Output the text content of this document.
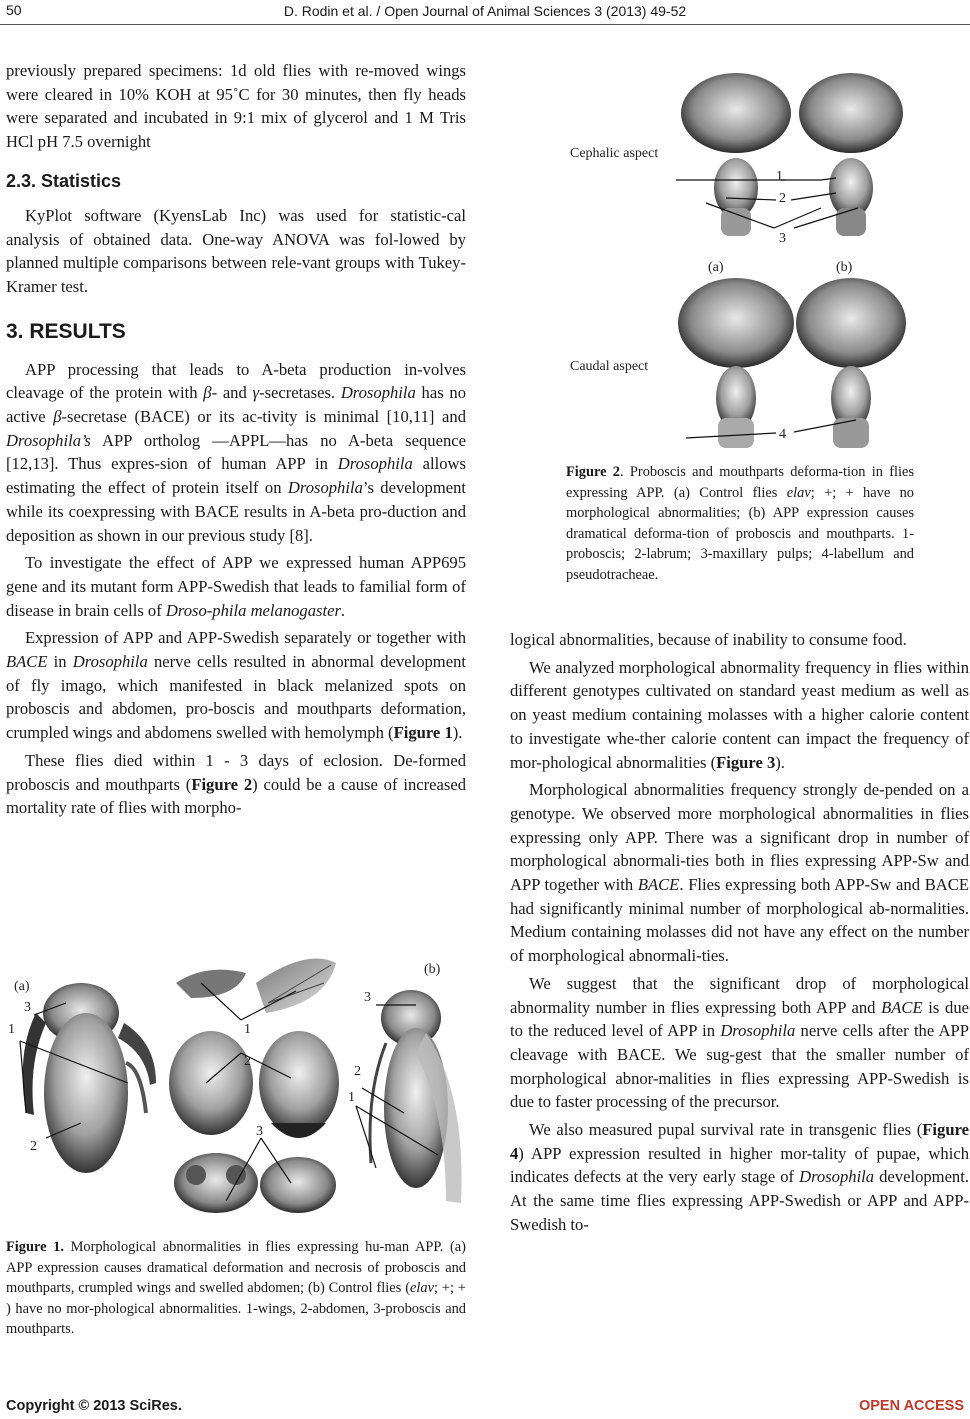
50	D. Rodin et al. / Open Journal of Animal Sciences 3 (2013) 49-52

previously prepared specimens: 1d old flies with re-moved wings were cleared in 10% KOH at 95˚C for 30 minutes, then fly heads were separated and incubated in 9:1 mix of glycerol and 1 M Tris HCl pH 7.5 overnight

2.3. Statistics

KyPlot software (KyensLab Inc) was used for statistic-cal analysis of obtained data. One-way ANOVA was fol-lowed by planned multiple comparisons between rele-vant groups with Tukey-Kramer test.

3. RESULTS

APP processing that leads to A-beta production in-volves cleavage of the protein with β- and γ-secretases. Drosophila has no active β-secretase (BACE) or its ac-tivity is minimal [10,11] and Drosophila’s APP ortholog —APPL—has no A-beta sequence [12,13]. Thus expres-sion of human APP in Drosophila allows estimating the effect of protein itself on Drosophila’s development while its coexpressing with BACE results in A-beta pro-duction and deposition as shown in our previous study [8].

To investigate the effect of APP we expressed human APP695 gene and its mutant form APP-Swedish that leads to familial form of disease in brain cells of Droso-phila melanogaster.

Expression of APP and APP-Swedish separately or together with BACE in Drosophila nerve cells resulted in abnormal development of fly imago, which manifested in black melanized spots on proboscis and abdomen, pro-boscis and mouthparts deformation, crumpled wings and abdomens swelled with hemolymph (Figure 1).

These flies died within 1 - 3 days of eclosion. De-formed proboscis and mouthparts (Figure 2) could be a cause of increased mortality rate of flies with morpho-

(a)
(b)
3
1
2
1
2
3
3
2
1
Figure 1. Morphological abnormalities in flies expressing hu-man APP. (a) APP expression causes dramatical deformation and necrosis of proboscis and mouthparts, crumpled wings and swelled abdomen; (b) Control flies (elav; +; + ) have no mor-phological abnormalities. 1-wings, 2-abdomen, 3-proboscis and mouthparts.
Cephalic aspect
Caudal aspect
(a)	(b)
1
2
3
4
Figure 2. Proboscis and mouthparts deforma-tion in flies expressing APP. (a) Control flies elav; +; + have no morphological abnormalities; (b) APP expression causes dramatical deforma-tion of proboscis and mouthparts. 1-proboscis; 2-labrum; 3-maxillary pulps; 4-labellum and pseudotracheae.

logical abnormalities, because of inability to consume food.

We analyzed morphological abnormality frequency in flies within different genotypes cultivated on standard yeast medium as well as on yeast medium containing molasses with a higher calorie content to investigate whe-ther calorie content can impact the frequency of mor-phological abnormalities (Figure 3).

Morphological abnormalities frequency strongly de-pended on a genotype. We observed more morphological abnormalities in flies expressing only APP. There was a significant drop in number of morphological abnormali-ties both in flies expressing APP-Sw and APP together with BACE. Flies expressing both APP-Sw and BACE had significantly minimal number of morphological ab-normalities. Medium containing molasses did not have any effect on the number of morphological abnormali-ties.

We suggest that the significant drop of morphological abnormality number in flies expressing both APP and BACE is due to the reduced level of APP in Drosophila nerve cells after the APP cleavage with BACE. We sug-gest that the smaller number of morphological abnor-malities in flies expressing APP-Swedish is due to faster processing of the precursor.

We also measured pupal survival rate in transgenic flies (Figure 4) APP expression resulted in higher mor-tality of pupae, which indicates defects at the very early stage of Drosophila development. At the same time flies expressing APP-Swedish or APP and APP-Swedish to-

Copyright © 2013 SciRes.	OPEN ACCESS
